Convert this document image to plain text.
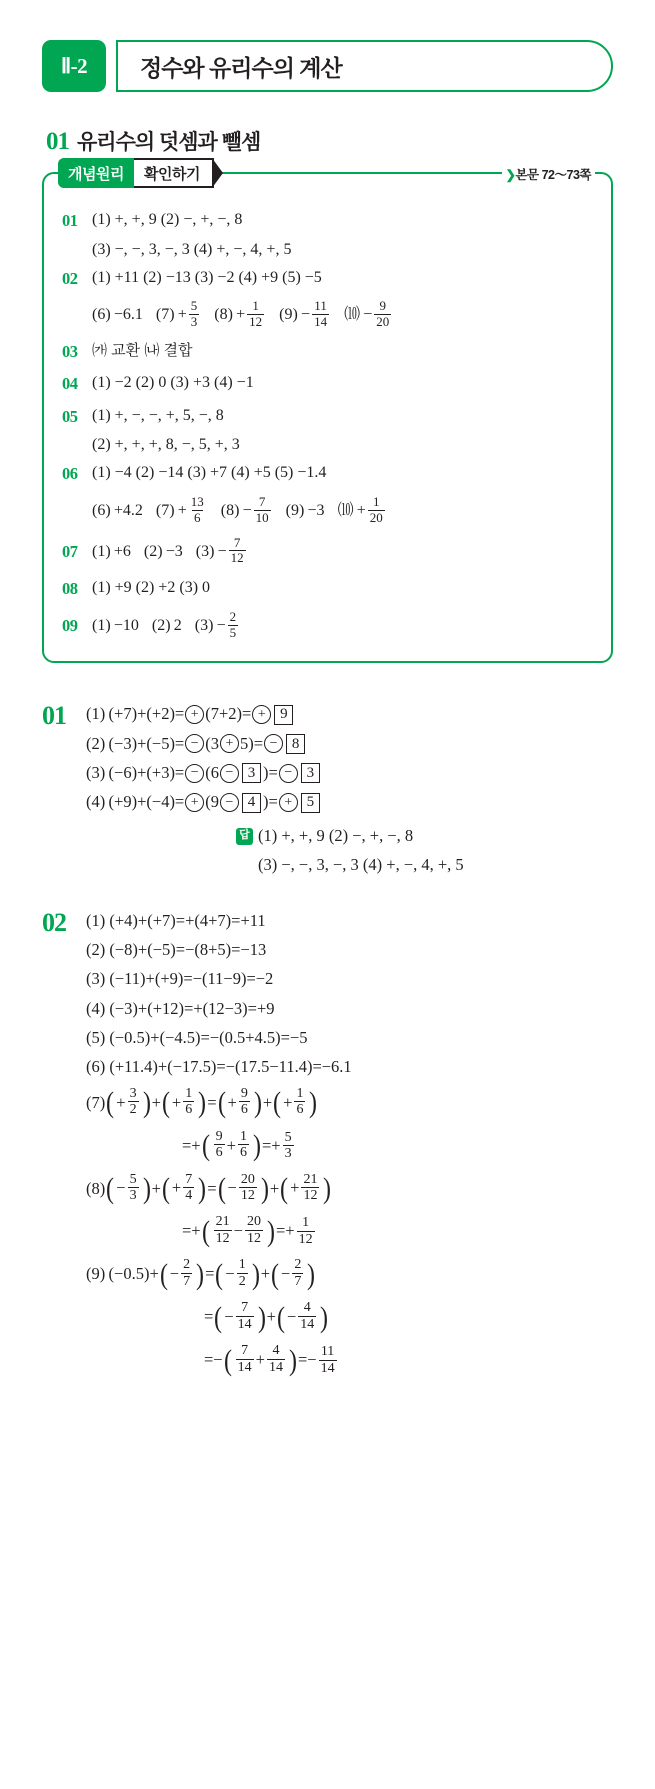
Ⅱ-2	정수와 유리수의 계산
01 유리수의 덧셈과 뺄셈
개념원리	확인하기	❯본문 72～73쪽
01 (1) +, +, 9 (2) −, +, −, 8
(3) −, −, 3, −, 3 (4) +, −, 4, +, 5
02 (1) +11 (2) −13 (3) −2 (4) +9 (5) −5
(6) −6.1 $(7) + \frac{5}{3} (8) + \frac{1}{12} (9) - \frac{11}{14}$ ⑽ − $\frac{9}{20}$
03 ㈎ 교환 ㈏ 결합
04 (1) −2 (2) 0 (3) +3 (4) −1
05 (1) +, −, −, +, 5, −, 8
(2) +, +, +, 8, −, 5, +, 3
06 (1) −4 (2) −14 (3) +7 (4) +5 (5) −1.4
(6) +4.2 $(7) + \frac{13}{6} (8) - \frac{7}{10} (9) -3$ ⑽ + $\frac{1}{20}$
07 (1) +6 (2) −3 $(3) - \frac{7}{12}$
08 (1) +9 (2) +2 (3) 0
09 (1) −10 (2) 2 $(3) - \frac{2}{5}$
01	(1) (+7)+(+2)= + (7+2)= + 9
(2) (−3)+(−5)= − (3 + 5)= − 8
(3) (−6)+(+3)= − (6 − 3 )= − 3
(4) (+9)+(−4)= + (9 − 4 )= + 5
답 (1) +, +, 9 (2) −, +, −, 8
(3) −, −, 3, −, 3 (4) +, −, 4, +, 5
02	(1) (+4)+(+7)=+(4+7)=+11
(2) (−8)+(−5)=−(8+5)=−13
(3) (−11)+(+9)=−(11−9)=−2
(4) (−3)+(+12)=+(12−3)=+9
(5) (−0.5)+(−4.5)=−(0.5+4.5)=−5
(6) (+11.4)+(−17.5)=−(17.5−11.4)=−6.1
(7) ( + $\frac{3}{2}$ ) + ( + $\frac{1}{6}$ ) = ( + $\frac{9}{6}$ ) + ( + $\frac{1}{6}$ )
=+ ( $\frac{9}{6} + \frac{1}{6}$ ) =+ $\frac{5}{3}$
(8) ( − $\frac{5}{3}$ ) + ( + $\frac{7}{4}$ ) = ( − $\frac{20}{12}$ ) + ( + $\frac{21}{12}$ )
=+ ( $\frac{21}{12} - \frac{20}{12}$ ) =+ $\frac{1}{12}$
(9) (−0.5)+ ( − $\frac{2}{7}$ ) = ( − $\frac{1}{2}$ ) + ( − $\frac{2}{7}$ )
= ( − $\frac{7}{14}$ ) + ( − $\frac{4}{14}$ )
=− ( $\frac{7}{14} + \frac{4}{14}$ ) =− $\frac{11}{14}$
